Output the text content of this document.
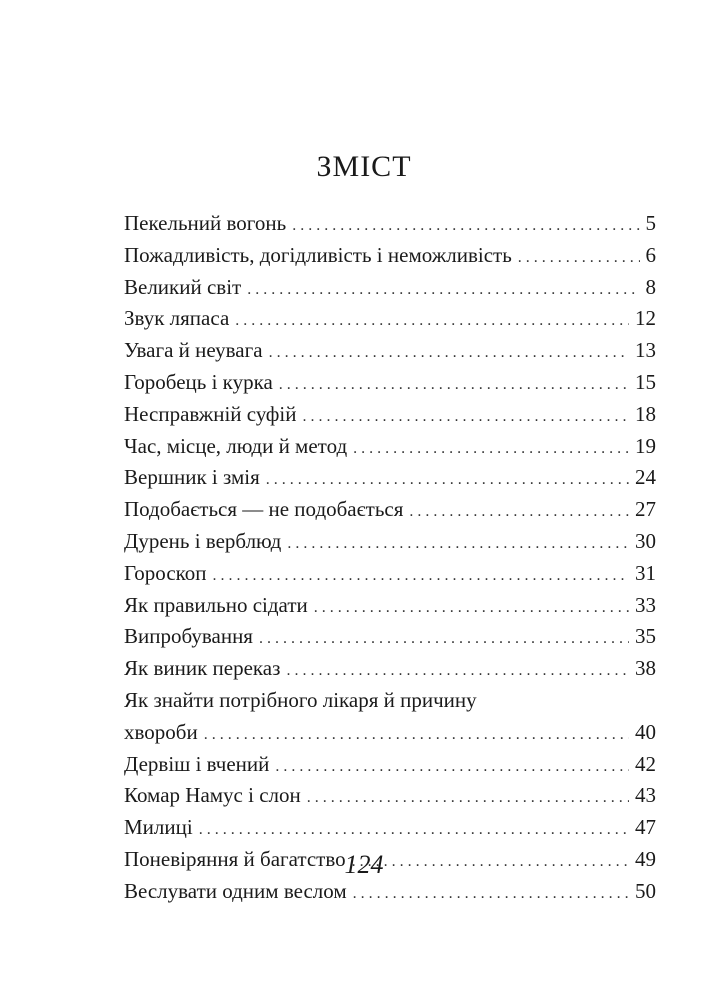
ЗМІСТ
Пекельний вогонь . . .	5
Пожадливість, догідливість і неможливість . . .	6
Великий світ . . .	8
Звук ляпаса . . .	12
Увага й неувага . . .	13
Горобець і курка . . .	15
Несправжній суфій . . .	18
Час, місце, люди й метод . . .	19
Вершник і змія . . .	24
Подобається — не подобається . . .	27
Дурень і верблюд . . .	30
Гороскоп . . .	31
Як правильно сідати . . .	33
Випробування . . .	35
Як виник переказ . . .	38
Як знайти потрібного лікаря й причину
хвороби . . .	40
Дервіш і вчений . . .	42
Комар Намус і слон . . .	43
Милиці . . .	47
Поневіряння й багатство . . .	49
Веслувати одним веслом . . .	50
124
